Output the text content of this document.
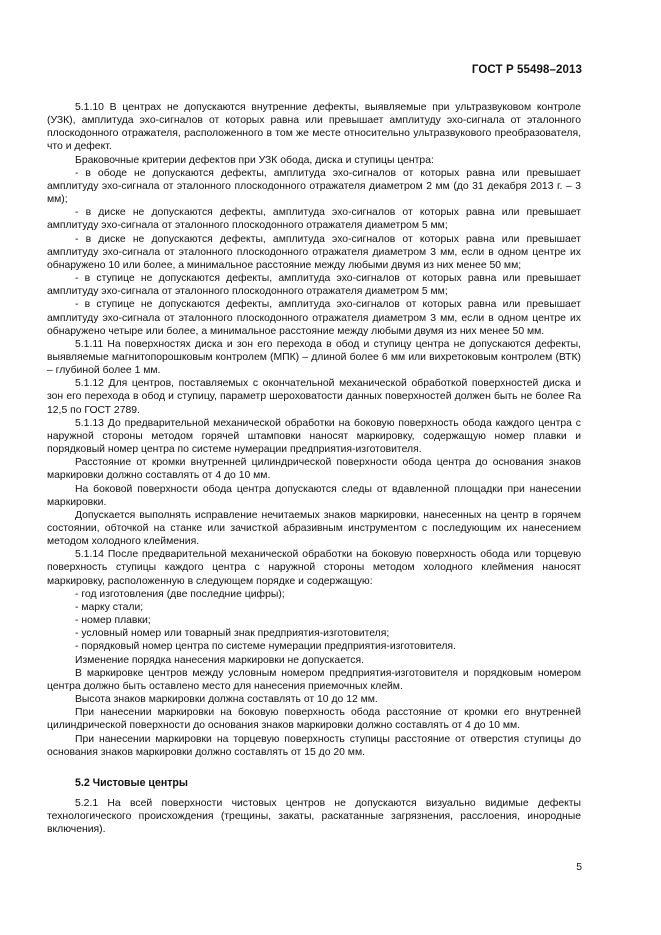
ГОСТ Р 55498–2013

5.1.10 В центрах не допускаются внутренние дефекты, выявляемые при ультразвуковом контроле (УЗК), амплитуда эхо-сигналов от которых равна или превышает амплитуду эхо-сигнала от эталонного плоскодонного отражателя, расположенного в том же месте относительно ультразвукового преобразователя, что и дефект.

Браковочные критерии дефектов при УЗК обода, диска и ступицы центра:

- в ободе не допускаются дефекты, амплитуда эхо-сигналов от которых равна или превышает амплитуду эхо-сигнала от эталонного плоскодонного отражателя диаметром 2 мм (до 31 декабря 2013 г. – 3 мм);

- в диске не допускаются дефекты, амплитуда эхо-сигналов от которых равна или превышает амплитуду эхо-сигнала от эталонного плоскодонного отражателя диаметром 5 мм;

- в диске не допускаются дефекты, амплитуда эхо-сигналов от которых равна или превышает амплитуду эхо-сигнала от эталонного плоскодонного отражателя диаметром 3 мм, если в одном центре их обнаружено 10 или более, а минимальное расстояние между любыми двумя из них менее 50 мм;

- в ступице не допускаются дефекты, амплитуда эхо-сигналов от которых равна или превышает амплитуду эхо-сигнала от эталонного плоскодонного отражателя диаметром 5 мм;

- в ступице не допускаются дефекты, амплитуда эхо-сигналов от которых равна или превышает амплитуду эхо-сигнала от эталонного плоскодонного отражателя диаметром 3 мм, если в одном центре их обнаружено четыре или более, а минимальное расстояние между любыми двумя из них менее 50 мм.

5.1.11 На поверхностях диска и зон его перехода в обод и ступицу центра не допускаются дефекты, выявляемые магнитопорошковым контролем (МПК) – длиной более 6 мм или вихретоковым контролем (ВТК) – глубиной более 1 мм.

5.1.12 Для центров, поставляемых с окончательной механической обработкой поверхностей диска и зон его перехода в обод и ступицу, параметр шероховатости данных поверхностей должен быть не более Ra 12,5 по ГОСТ 2789.

5.1.13 До предварительной механической обработки на боковую поверхность обода каждого центра с наружной стороны методом горячей штамповки наносят маркировку, содержащую номер плавки и порядковый номер центра по системе нумерации предприятия-изготовителя.

Расстояние от кромки внутренней цилиндрической поверхности обода центра до основания знаков маркировки должно составлять от 4 до 10 мм.

На боковой поверхности обода центра допускаются следы от вдавленной площадки при нанесении маркировки.

Допускается выполнять исправление нечитаемых знаков маркировки, нанесенных на центр в горячем состоянии, обточкой на станке или зачисткой абразивным инструментом с последующим их нанесением методом холодного клеймения.

5.1.14 После предварительной механической обработки на боковую поверхность обода или торцевую поверхность ступицы каждого центра с наружной стороны методом холодного клеймения наносят маркировку, расположенную в следующем порядке и содержащую:

- год изготовления (две последние цифры);

- марку стали;

- номер плавки;

- условный номер или товарный знак предприятия-изготовителя;

- порядковый номер центра по системе нумерации предприятия-изготовителя.

Изменение порядка нанесения маркировки не допускается.

В маркировке центров между условным номером предприятия-изготовителя и порядковым номером центра должно быть оставлено место для нанесения приемочных клейм.

Высота знаков маркировки должна составлять от 10 до 12 мм.

При нанесении маркировки на боковую поверхность обода расстояние от кромки его внутренней цилиндрической поверхности до основания знаков маркировки должно составлять от 4 до 10 мм.

При нанесении маркировки на торцевую поверхность ступицы расстояние от отверстия ступицы до основания знаков маркировки должно составлять от 15 до 20 мм.

5.2 Чистовые центры

5.2.1 На всей поверхности чистовых центров не допускаются визуально видимые дефекты технологического происхождения (трещины, закаты, раскатанные загрязнения, расслоения, инородные включения).

5
